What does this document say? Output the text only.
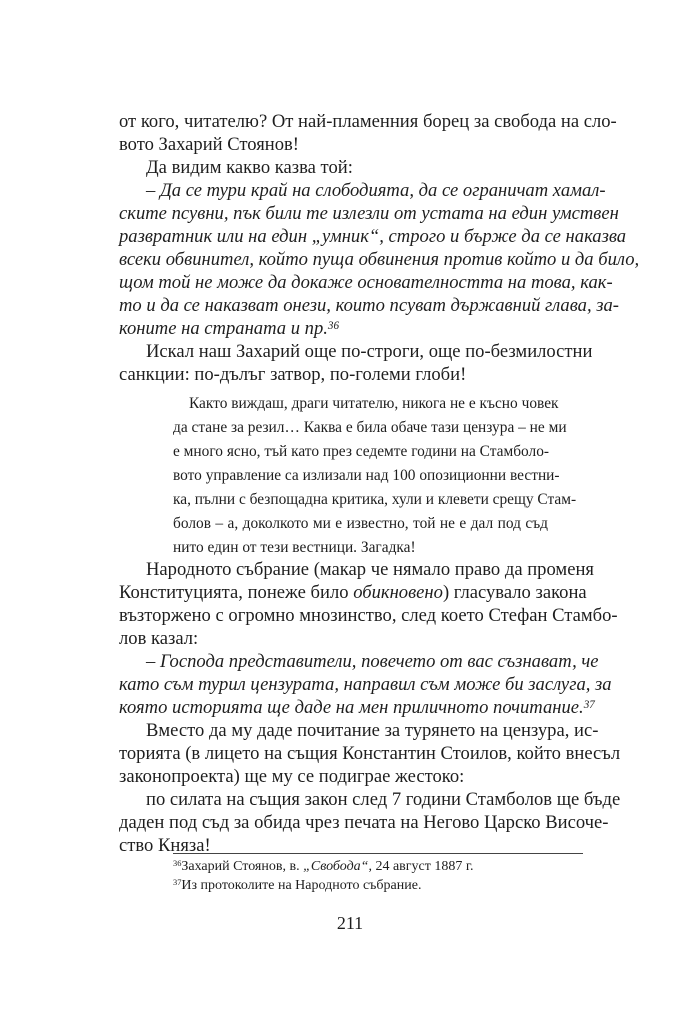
от кого, читателю? От най-пламенния борец за свобода на сло-
вото Захарий Стоянов!
Да видим какво казва той:
– Да се тури край на слободията, да се ограничат хамал-
ските псувни, пък били те излезли от устата на един умствен
развратник или на един „умник“, строго и бърже да се наказва
всеки обвинител, който пуща обвинения против който и да било,
щом той не може да докаже основателността на това, как-
то и да се наказват онези, които псуват държавний глава, за-
коните на страната и пр.$^{36}$
Искал наш Захарий още по-строги, още по-безмилостни
санкции: по-дълъг затвор, по-големи глоби!
Както виждаш, драги читателю, никога не е късно човек
да стане за резил… Каква е била обаче тази цензура – не ми
е много ясно, тъй като през седемте години на Стамболо-
вото управление са излизали над 100 опозиционни вестни-
ка, пълни с безпощадна критика, хули и клевети срещу Стам-
болов – а, доколкото ми е известно, той не е дал под съд
нито един от тези вестници. Загадка!
Народното събрание (макар че нямало право да променя
Конституцията, понеже било обикновено) гласувало закона
възторжено с огромно мнозинство, след което Стефан Стамбо-
лов казал:
– Господа представители, повечето от вас съзнават, че
като съм турил цензурата, направил съм може би заслуга, за
която историята ще даде на мен приличното почитание.$^{37}$
Вместо да му даде почитание за турянето на цензура, ис-
торията (в лицето на същия Константин Стоилов, който внесъл
законопроекта) ще му се подиграе жестоко:
$^{36}$Захарий Стоянов, в. „Свобода“, 24 август 1887 г.
$^{37}$Из протоколите на Народното събрание.
211
по силата на същия закон след 7 години Стамболов ще бъде
даден под съд за обида чрез печата на Негово Царско Височе-
ство Княза!
